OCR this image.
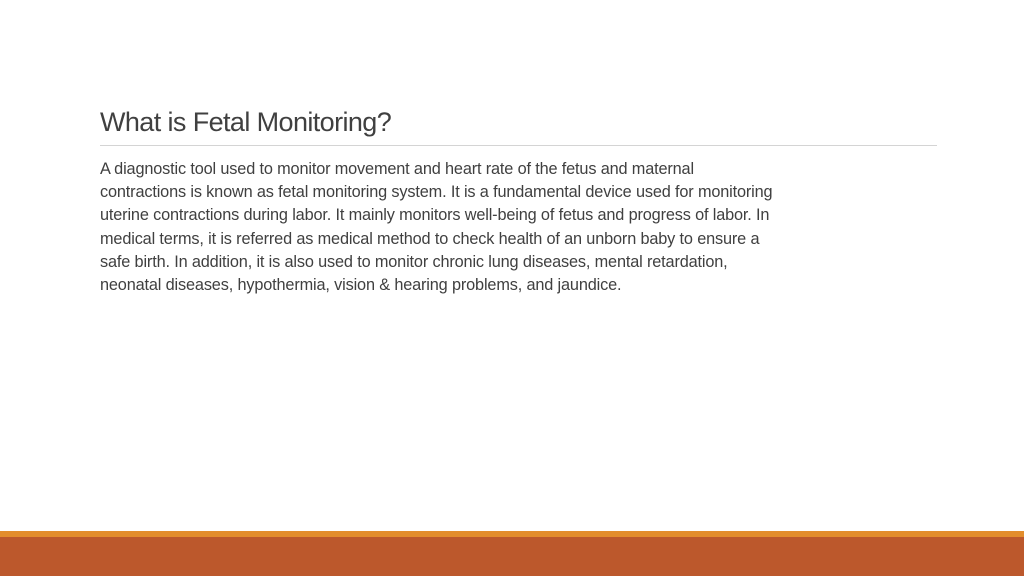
What is Fetal Monitoring?

A diagnostic tool used to monitor movement and heart rate of the fetus and maternal
contractions is known as fetal monitoring system. It is a fundamental device used for monitoring
uterine contractions during labor. It mainly monitors well-being of fetus and progress of labor. In
medical terms, it is referred as medical method to check health of an unborn baby to ensure a
safe birth. In addition, it is also used to monitor chronic lung diseases, mental retardation,
neonatal diseases, hypothermia, vision & hearing problems, and jaundice.
